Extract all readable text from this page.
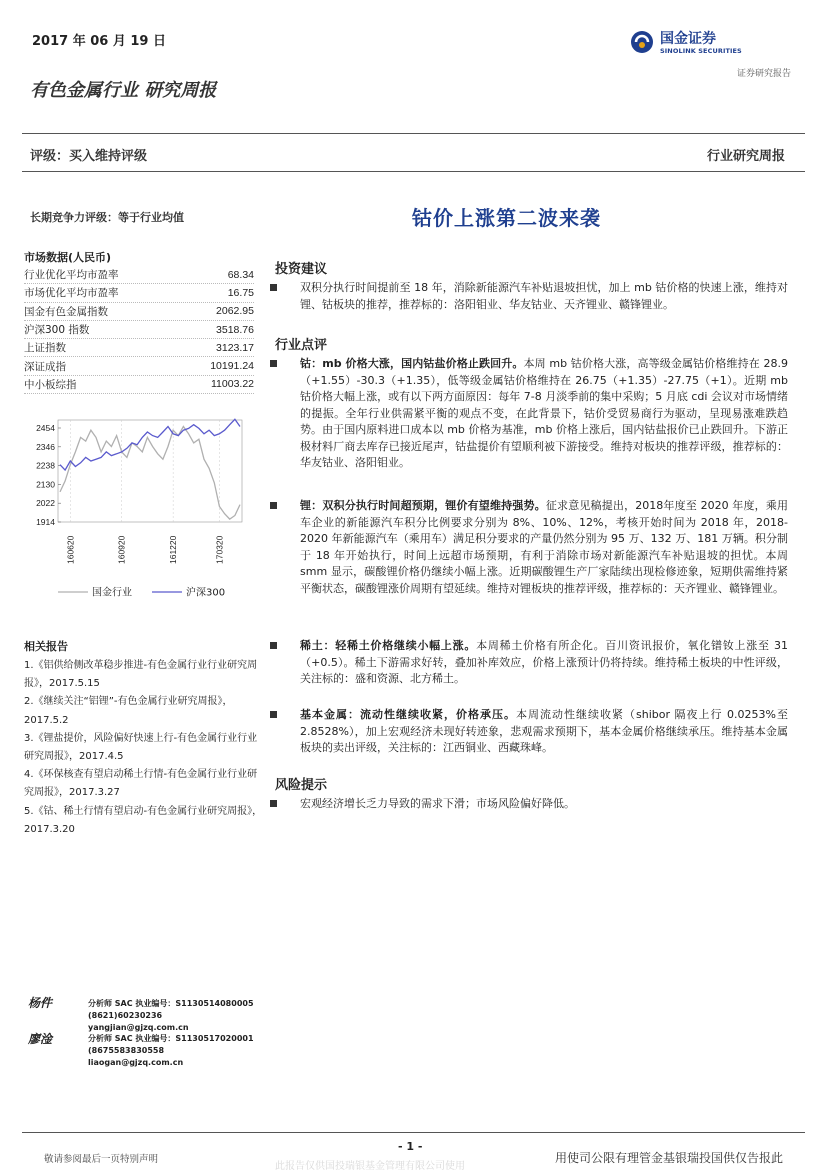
2017 年 06 月 19 日	国金证券
SINOLINK SECURITIES
证券研究报告
有色金属行业 研究周报
评级：买入维持评级	行业研究周报
长期竞争力评级：等于行业均值	钴价上涨第二波来袭
市场数据(人民币)
行业优化平均市盈率	68.34
市场优化平均市盈率	16.75
国金有色金属指数	2062.95
沪深300 指数	3518.76
上证指数	3123.17
深证成指	10191.24
中小板综指	11003.22
2454
2346
2238
2130
2022
1914
160620	160920	161220	170320
国金行业	沪深300
相关报告

1.《铝供给侧改革稳步推进-有色金属行业行业研究周报》，2017.5.15

2.《继续关注“铝锂”-有色金属行业研究周报》，2017.5.2

3.《锂盐提价，风险偏好快速上行-有色金属行业行业研究周报》，2017.4.5

4.《环保核查有望启动稀土行情-有色金属行业行业研究周报》，2017.3.27

5.《钴、稀土行情有望启动-有色金属行业研究周报》，2017.3.20

投资建议
双积分执行时间提前至 18 年，消除新能源汽车补贴退坡担忧，加上 mb 钴价格的快速上涨，维持对锂、钴板块的推荐，推荐标的：洛阳钼业、华友钴业、天齐锂业、赣锋锂业。
行业点评
钴：mb 价格大涨，国内钴盐价格止跌回升。本周 mb 钴价格大涨，高等级金属钴价格维持在 28.9（+1.55）-30.3（+1.35），低等级金属钴价格维持在 26.75（+1.35）-27.75（+1）。近期 mb 钴价格大幅上涨，或有以下两方面原因：每年 7-8 月淡季前的集中采购；5 月底 cdi 会议对市场情绪的提振。全年行业供需紧平衡的观点不变，在此背景下，钴价受贸易商行为驱动，呈现易涨难跌趋势。由于国内原料进口成本以 mb 价格为基准，mb 价格上涨后，国内钴盐报价已止跌回升。下游正极材料厂商去库存已接近尾声，钴盐提价有望顺利被下游接受。维持对板块的推荐评级，推荐标的：华友钴业、洛阳钼业。
锂：双积分执行时间超预期，锂价有望维持强势。征求意见稿提出，2018年度至 2020 年度，乘用车企业的新能源汽车积分比例要求分别为 8%、10%、12%，考核开始时间为 2018 年，2018-2020 年新能源汽车（乘用车）满足积分要求的产量仍然分别为 95 万、132 万、181 万辆。积分制于 18 年开始执行，时间上远超市场预期，有利于消除市场对新能源汽车补贴退坡的担忧。本周 smm 显示，碳酸锂价格仍继续小幅上涨。近期碳酸锂生产厂家陆续出现检修迹象，短期供需维持紧平衡状态，碳酸锂涨价周期有望延续。维持对锂板块的推荐评级，推荐标的：天齐锂业、赣锋锂业。
稀土：轻稀土价格继续小幅上涨。本周稀土价格有所企化。百川资讯报价，氧化镨钕上涨至 31（+0.5）。稀土下游需求好转，叠加补库效应，价格上涨预计仍将持续。维持稀土板块的中性评级，关注标的：盛和资源、北方稀土。
基本金属：流动性继续收紧，价格承压。本周流动性继续收紧（shibor 隔夜上行 0.0253%至 2.8528%），加上宏观经济未现好转迹象，悲观需求预期下，基本金属价格继续承压。维持基本金属板块的卖出评级，关注标的：江西铜业、西藏珠峰。
风险提示
宏观经济增长乏力导致的需求下滑；市场风险偏好降低。
杨件	分析师 SAC 执业编号：S1130514080005
(8621)60230236
yangjian@gjzq.com.cn
廖淦	分析师 SAC 执业编号：S1130517020001
(8675583830558
liaogan@gjzq.com.cn
- 1 -
敬请参阅最后一页特别声明	用使司公限有理管金基银瑞投国供仅告报此
此报告仅供国投瑞银基金管理有限公司使用
